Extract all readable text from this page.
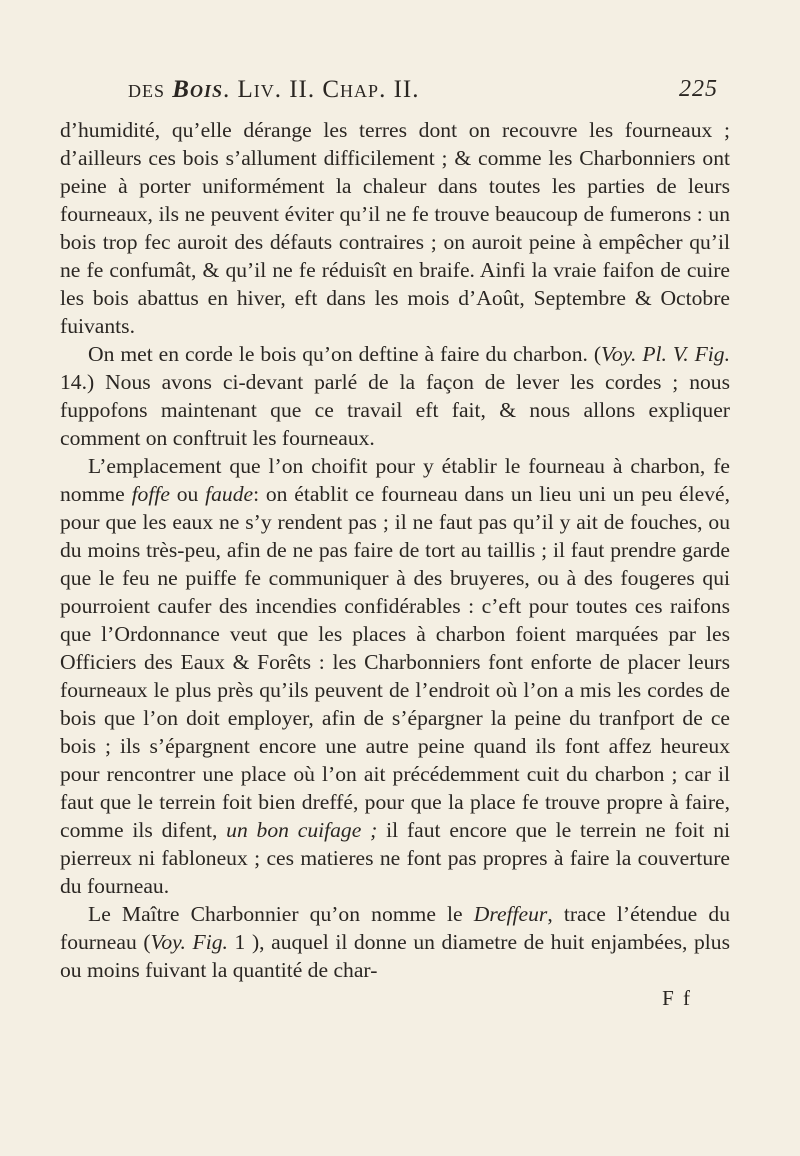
des Bois. Liv. II. Chap. II.	225

d’humidité, qu’elle dérange les terres dont on recouvre les fourneaux ; d’ailleurs ces bois s’allument difficilement ; & comme les Charbonniers ont peine à porter uniformément la chaleur dans toutes les parties de leurs fourneaux, ils ne peuvent éviter qu’il ne fe trouve beaucoup de fumerons : un bois trop fec auroit des défauts contraires ; on auroit peine à empêcher qu’il ne fe confumât, & qu’il ne fe réduisît en braife. Ainfi la vraie faifon de cuire les bois abattus en hiver, eft dans les mois d’Août, Septembre & Octobre fuivants.

On met en corde le bois qu’on deftine à faire du charbon. (Voy. Pl. V. Fig. 14.) Nous avons ci-devant parlé de la façon de lever les cordes ; nous fuppofons maintenant que ce travail eft fait, & nous allons expliquer comment on conftruit les fourneaux.

L’emplacement que l’on choifit pour y établir le fourneau à charbon, fe nomme foffe ou faude: on établit ce fourneau dans un lieu uni un peu élevé, pour que les eaux ne s’y rendent pas ; il ne faut pas qu’il y ait de fouches, ou du moins très-peu, afin de ne pas faire de tort au taillis ; il faut prendre garde que le feu ne puiffe fe communiquer à des bruyeres, ou à des fougeres qui pourroient caufer des incendies confidérables : c’eft pour toutes ces raifons que l’Ordonnance veut que les places à charbon foient marquées par les Officiers des Eaux & Forêts : les Charbonniers font enforte de placer leurs fourneaux le plus près qu’ils peuvent de l’endroit où l’on a mis les cordes de bois que l’on doit employer, afin de s’épargner la peine du tranfport de ce bois ; ils s’épargnent encore une autre peine quand ils font affez heureux pour rencontrer une place où l’on ait précédemment cuit du charbon ; car il faut que le terrein foit bien dreffé, pour que la place fe trouve propre à faire, comme ils difent, un bon cuifage ; il faut encore que le terrein ne foit ni pierreux ni fabloneux ; ces matieres ne font pas propres à faire la couverture du fourneau.

Le Maître Charbonnier qu’on nomme le Dreffeur, trace l’étendue du fourneau (Voy. Fig. 1 ), auquel il donne un diametre de huit enjambées, plus ou moins fuivant la quantité de char-

F f
